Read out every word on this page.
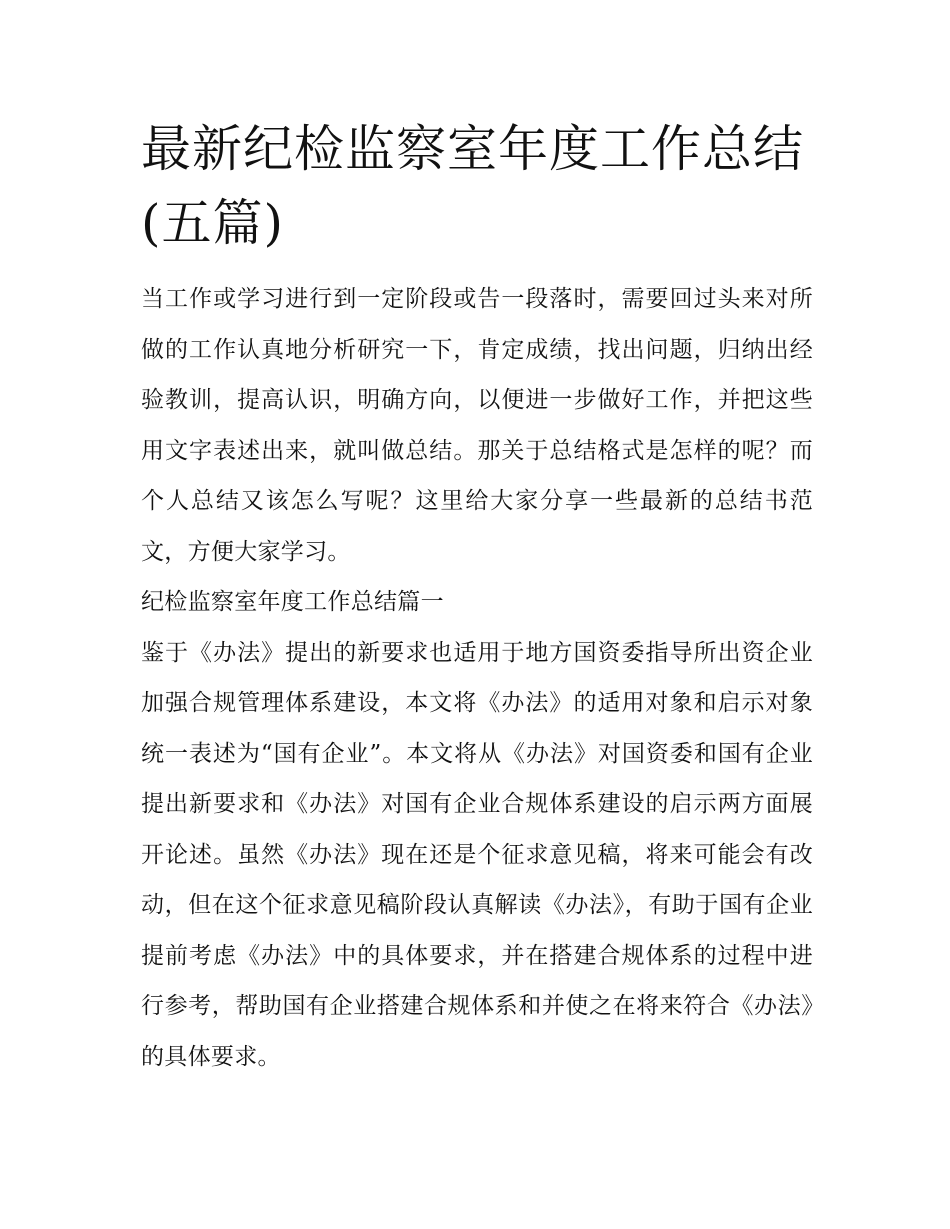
最新纪检监察室年度工作总结(五篇)

当工作或学习进行到一定阶段或告一段落时，需要回过头来对所做的工作认真地分析研究一下，肯定成绩，找出问题，归纳出经验教训，提高认识，明确方向，以便进一步做好工作，并把这些用文字表述出来，就叫做总结。那关于总结格式是怎样的呢？而个人总结又该怎么写呢？这里给大家分享一些最新的总结书范文，方便大家学习。

纪检监察室年度工作总结篇一

鉴于《办法》提出的新要求也适用于地方国资委指导所出资企业加强合规管理体系建设，本文将《办法》的适用对象和启示对象统一表述为“国有企业”。本文将从《办法》对国资委和国有企业提出新要求和《办法》对国有企业合规体系建设的启示两方面展开论述。虽然《办法》现在还是个征求意见稿，将来可能会有改动，但在这个征求意见稿阶段认真解读《办法》，有助于国有企业提前考虑《办法》中的具体要求，并在搭建合规体系的过程中进行参考，帮助国有企业搭建合规体系和并使之在将来符合《办法》的具体要求。
